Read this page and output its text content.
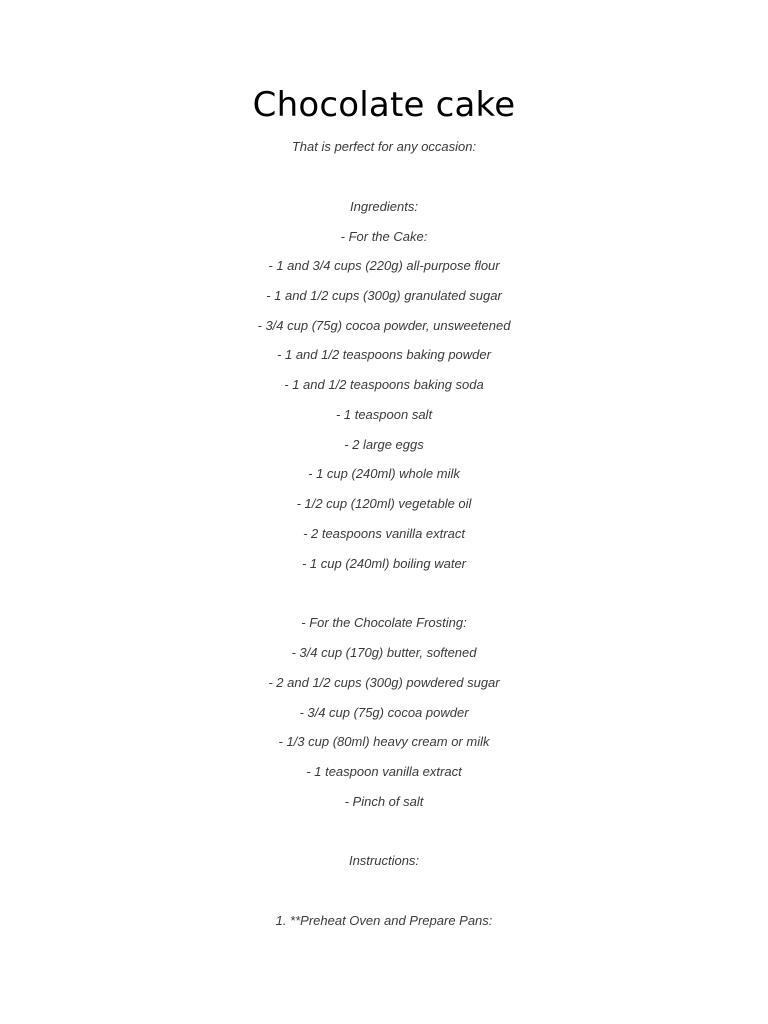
Chocolate cake
That is perfect for any occasion:
Ingredients:
- For the Cake:
- 1 and 3/4 cups (220g) all-purpose flour
- 1 and 1/2 cups (300g) granulated sugar
- 3/4 cup (75g) cocoa powder, unsweetened
- 1 and 1/2 teaspoons baking powder
- 1 and 1/2 teaspoons baking soda
- 1 teaspoon salt
- 2 large eggs
- 1 cup (240ml) whole milk
- 1/2 cup (120ml) vegetable oil
- 2 teaspoons vanilla extract
- 1 cup (240ml) boiling water
- For the Chocolate Frosting:
- 3/4 cup (170g) butter, softened
- 2 and 1/2 cups (300g) powdered sugar
- 3/4 cup (75g) cocoa powder
- 1/3 cup (80ml) heavy cream or milk
- 1 teaspoon vanilla extract
- Pinch of salt
Instructions:
1. **Preheat Oven and Prepare Pans:
